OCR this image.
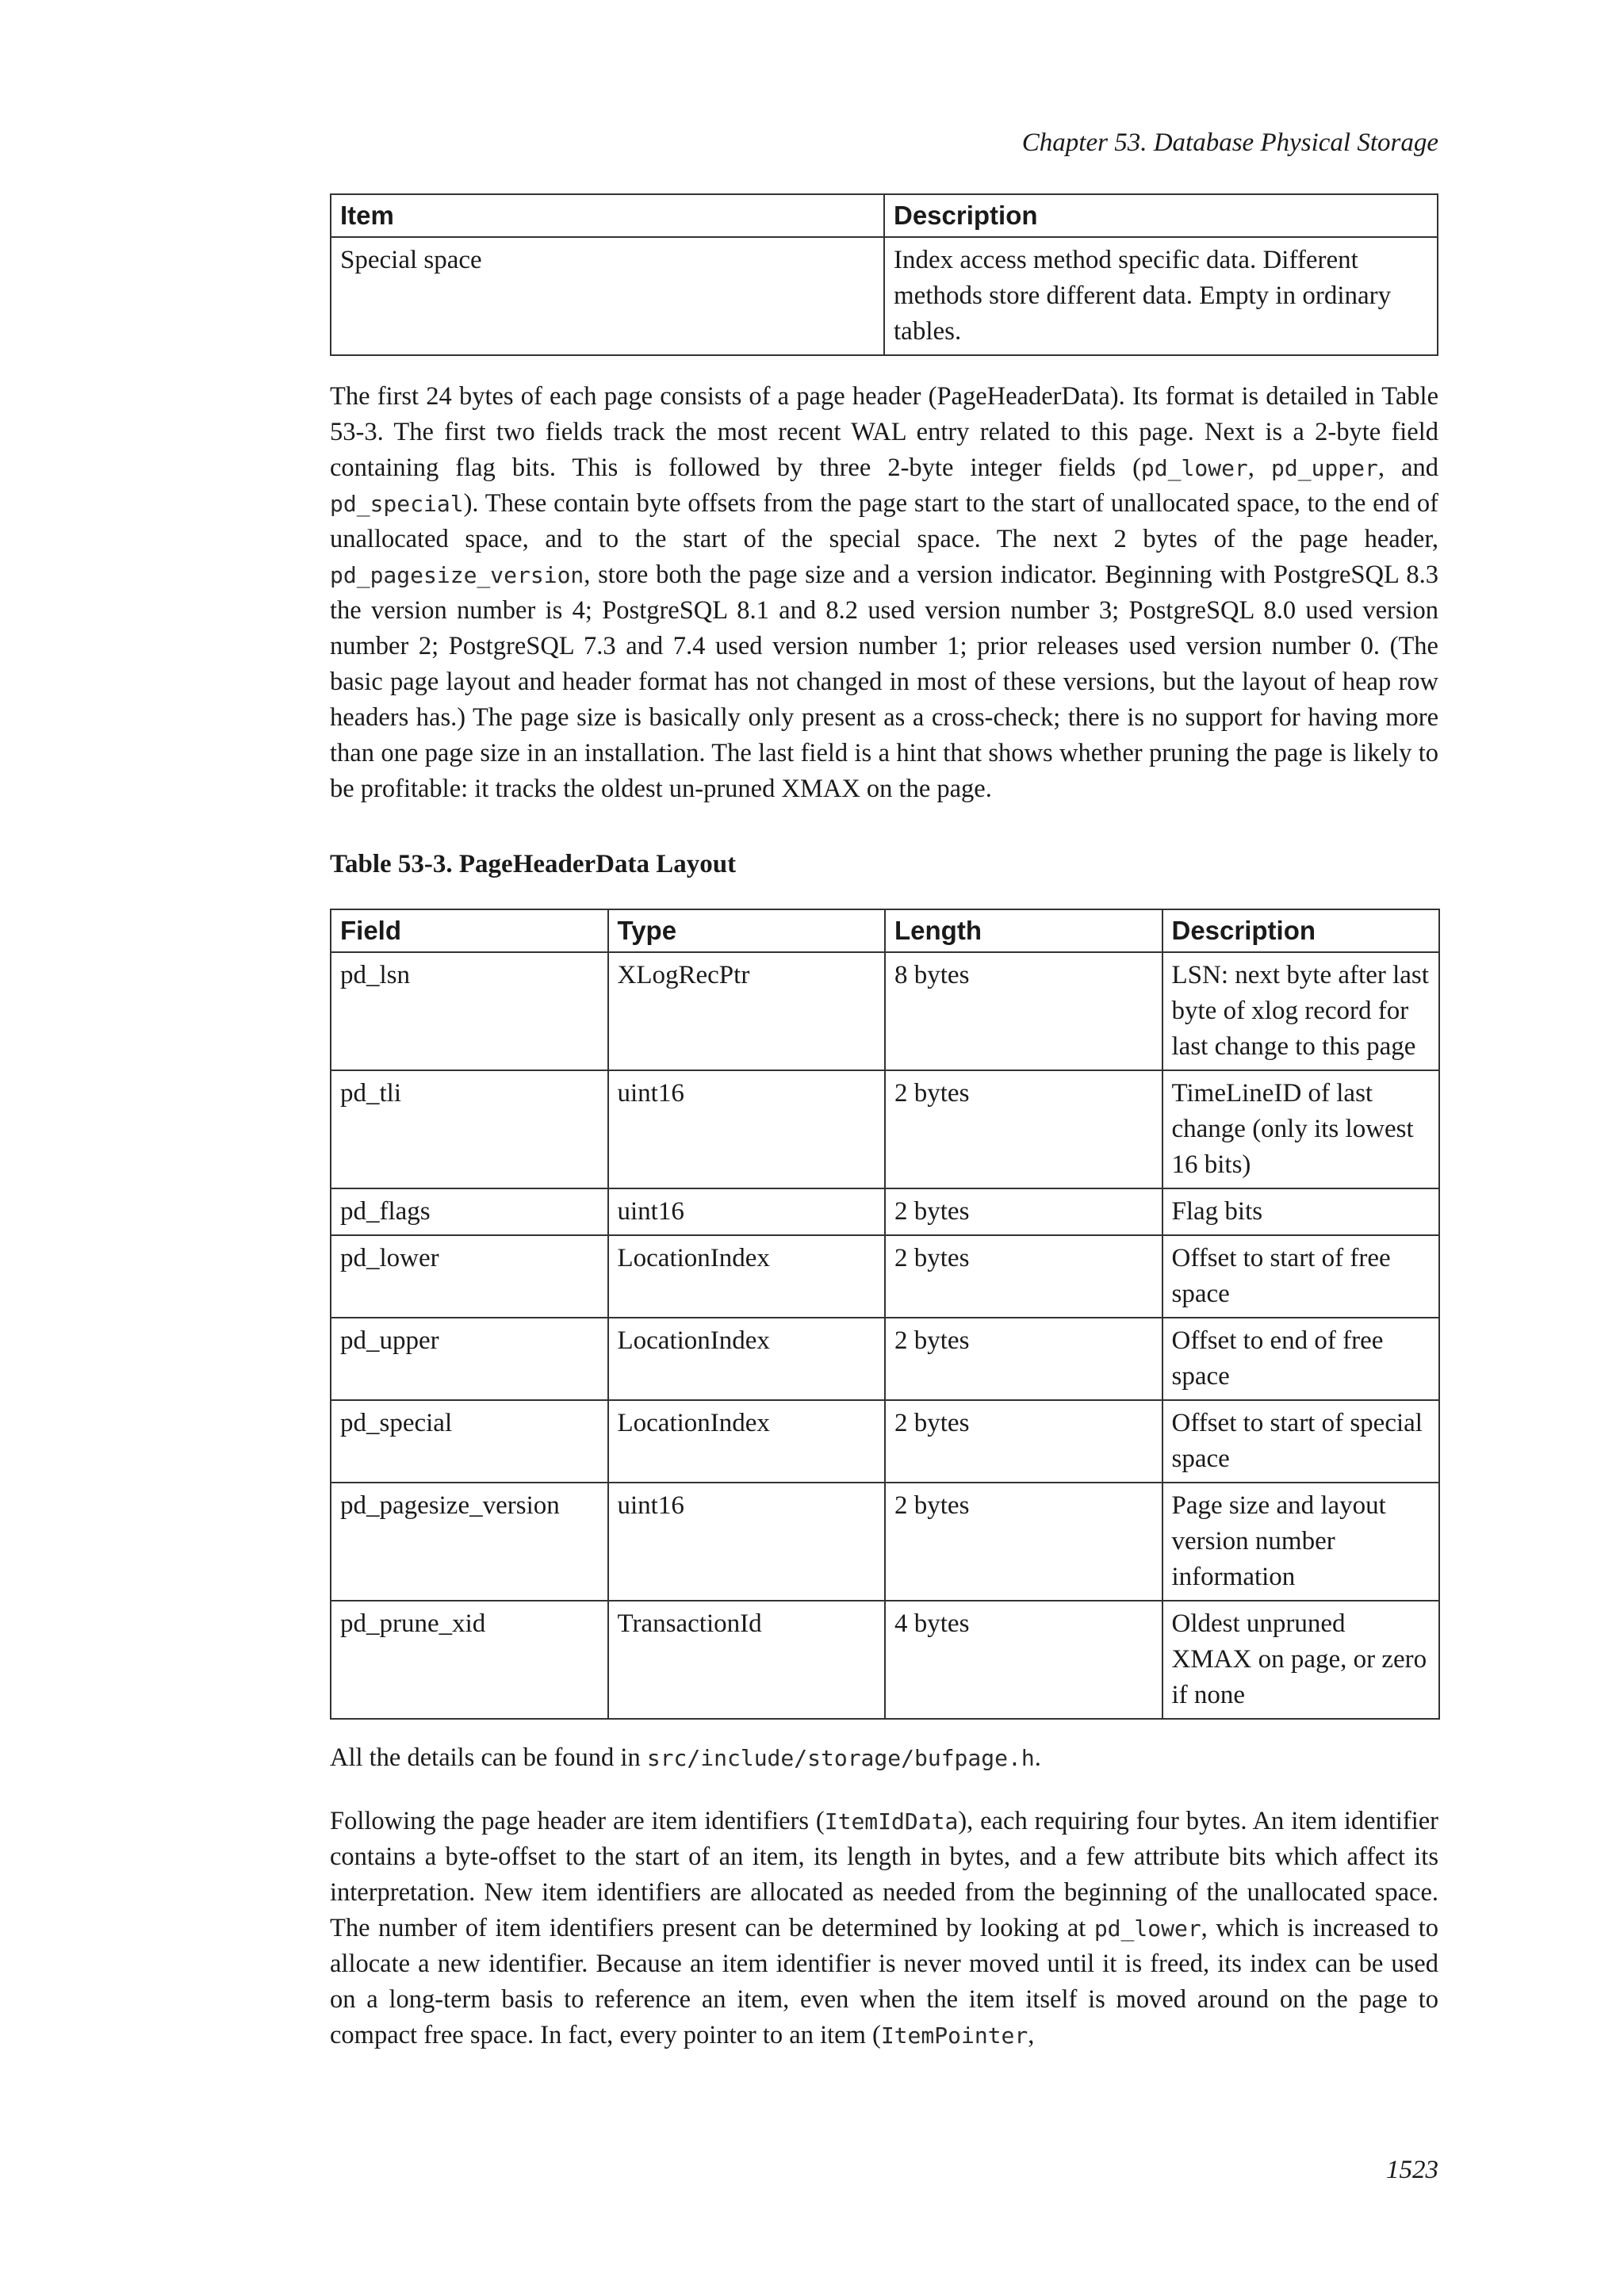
Chapter 53. Database Physical Storage
Item	Description
Special space	Index access method specific data. Different methods store different data. Empty in ordinary tables.

The first 24 bytes of each page consists of a page header (PageHeaderData). Its format is detailed in Table 53-3. The first two fields track the most recent WAL entry related to this page. Next is a 2-byte field containing flag bits. This is followed by three 2-byte integer fields (pd_lower, pd_upper, and pd_special). These contain byte offsets from the page start to the start of unallocated space, to the end of unallocated space, and to the start of the special space. The next 2 bytes of the page header, pd_pagesize_version, store both the page size and a version indicator. Beginning with PostgreSQL 8.3 the version number is 4; PostgreSQL 8.1 and 8.2 used version number 3; PostgreSQL 8.0 used version number 2; PostgreSQL 7.3 and 7.4 used version number 1; prior releases used version number 0. (The basic page layout and header format has not changed in most of these versions, but the layout of heap row headers has.) The page size is basically only present as a cross-check; there is no support for having more than one page size in an installation. The last field is a hint that shows whether pruning the page is likely to be profitable: it tracks the oldest un-pruned XMAX on the page.

Table 53-3. PageHeaderData Layout
Field	Type	Length	Description
pd_lsn	XLogRecPtr	8 bytes	LSN: next byte after last byte of xlog record for last change to this page
pd_tli	uint16	2 bytes	TimeLineID of last change (only its lowest 16 bits)
pd_flags	uint16	2 bytes	Flag bits
pd_lower	LocationIndex	2 bytes	Offset to start of free space
pd_upper	LocationIndex	2 bytes	Offset to end of free space
pd_special	LocationIndex	2 bytes	Offset to start of special space
pd_pagesize_version	uint16	2 bytes	Page size and layout version number information
pd_prune_xid	TransactionId	4 bytes	Oldest unpruned XMAX on page, or zero if none

All the details can be found in src/include/storage/bufpage.h.

Following the page header are item identifiers (ItemIdData), each requiring four bytes. An item identifier contains a byte-offset to the start of an item, its length in bytes, and a few attribute bits which affect its interpretation. New item identifiers are allocated as needed from the beginning of the unallocated space. The number of item identifiers present can be determined by looking at pd_lower, which is increased to allocate a new identifier. Because an item identifier is never moved until it is freed, its index can be used on a long-term basis to reference an item, even when the item itself is moved around on the page to compact free space. In fact, every pointer to an item (ItemPointer,

1523
